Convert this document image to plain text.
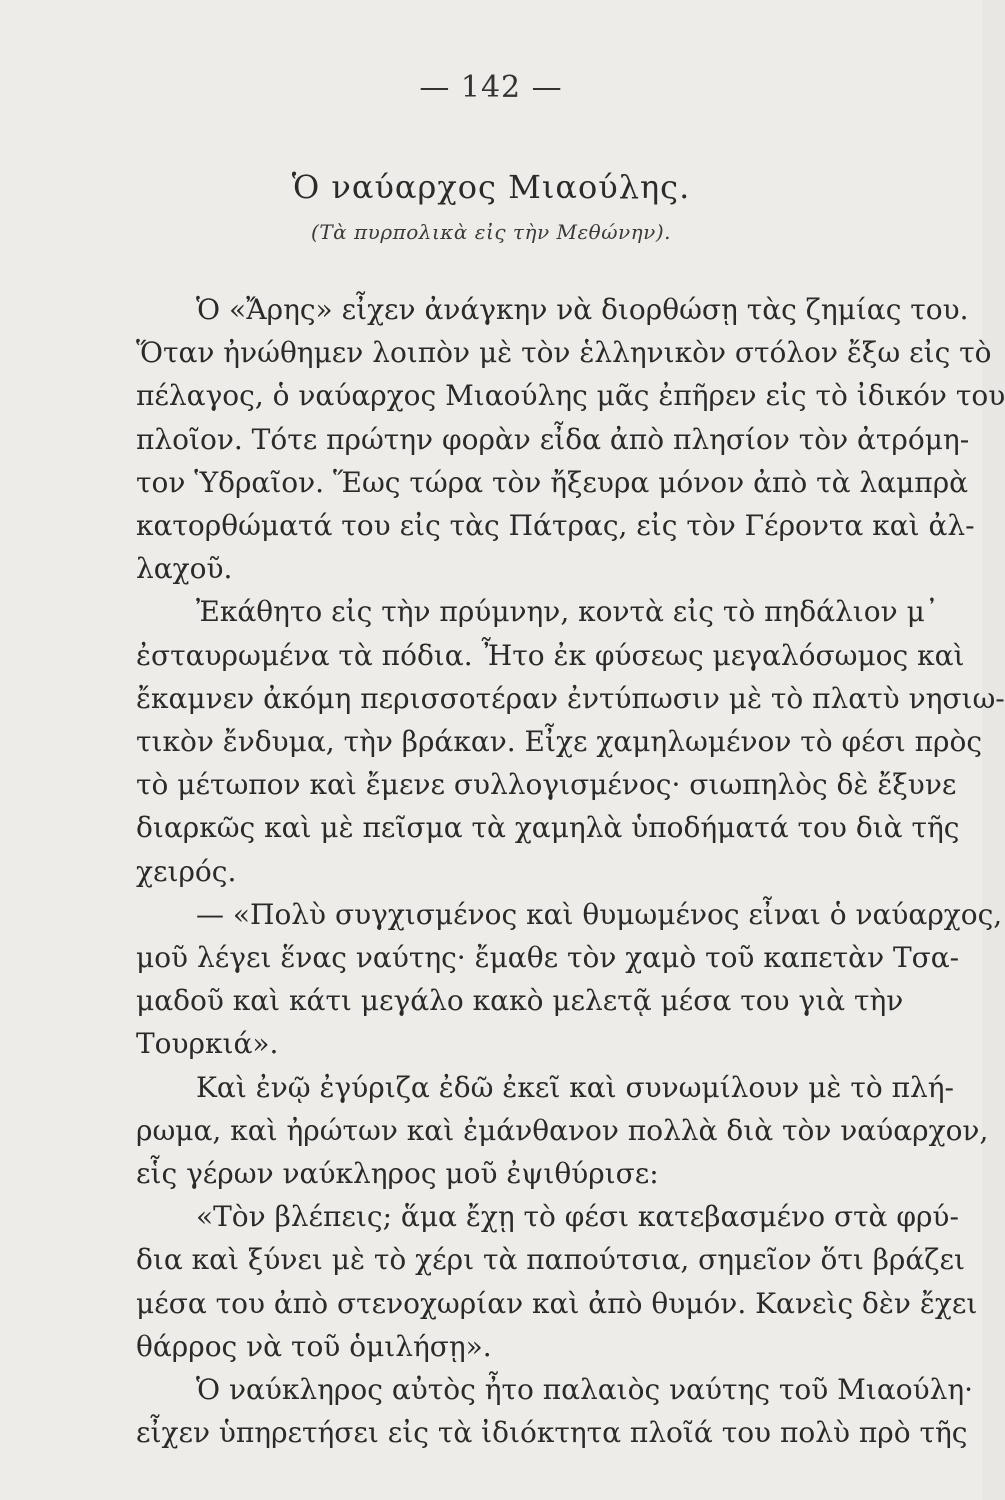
— 142 —
Ὁ ναύαρχος Μιαούλης.
(Τὰ πυρπολικὰ εἰς τὴν Μεθώνην).
Ὁ «Ἄρης» εἶχεν ἀνάγκην νὰ διορθώσῃ τὰς ζημίας του.
Ὅταν ἠνώθημεν λοιπὸν μὲ τὸν ἑλληνικὸν στόλον ἔξω εἰς τὸ
πέλαγος, ὁ ναύαρχος Μιαούλης μᾶς ἐπῆρεν εἰς τὸ ἰδικόν του
πλοῖον. Τότε πρώτην φορὰν εἶδα ἀπὸ πλησίον τὸν ἀτρόμη-
τον Ὑδραῖον. Ἕως τώρα τὸν ἤξευρα μόνον ἀπὸ τὰ λαμπρὰ
κατορθώματά του εἰς τὰς Πάτρας, εἰς τὸν Γέροντα καὶ ἀλ-
λαχοῦ.
Ἐκάθητο εἰς τὴν πρύμνην, κοντὰ εἰς τὸ πηδάλιον μ᾽
ἐσταυρωμένα τὰ πόδια. Ἦτο ἐκ φύσεως μεγαλόσωμος καὶ
ἔκαμνεν ἀκόμη περισσοτέραν ἐντύπωσιν μὲ τὸ πλατὺ νησιω-
τικὸν ἔνδυμα, τὴν βράκαν. Εἶχε χαμηλωμένον τὸ φέσι πρὸς
τὸ μέτωπον καὶ ἔμενε συλλογισμένος· σιωπηλὸς δὲ ἔξυνε
διαρκῶς καὶ μὲ πεῖσμα τὰ χαμηλὰ ὑποδήματά του διὰ τῆς
χειρός.
— «Πολὺ συγχισμένος καὶ θυμωμένος εἶναι ὁ ναύαρχος,
μοῦ λέγει ἕνας ναύτης· ἔμαθε τὸν χαμὸ τοῦ καπετὰν Τσα-
μαδοῦ καὶ κάτι μεγάλο κακὸ μελετᾷ μέσα του γιὰ τὴν
Τουρκιά».
Καὶ ἐνῷ ἐγύριζα ἐδῶ ἐκεῖ καὶ συνωμίλουν μὲ τὸ πλή-
ρωμα, καὶ ἠρώτων καὶ ἐμάνθανον πολλὰ διὰ τὸν ναύαρχον,
εἷς γέρων ναύκληρος μοῦ ἐψιθύρισε:
«Τὸν βλέπεις; ἅμα ἔχῃ τὸ φέσι κατεβασμένο στὰ φρύ-
δια καὶ ξύνει μὲ τὸ χέρι τὰ παπούτσια, σημεῖον ὅτι βράζει
μέσα του ἀπὸ στενοχωρίαν καὶ ἀπὸ θυμόν. Κανεὶς δὲν ἔχει
θάρρος νὰ τοῦ ὁμιλήσῃ».
Ὁ ναύκληρος αὐτὸς ἦτο παλαιὸς ναύτης τοῦ Μιαούλη·
εἶχεν ὑπηρετήσει εἰς τὰ ἰδιόκτητα πλοῖά του πολὺ πρὸ τῆς
